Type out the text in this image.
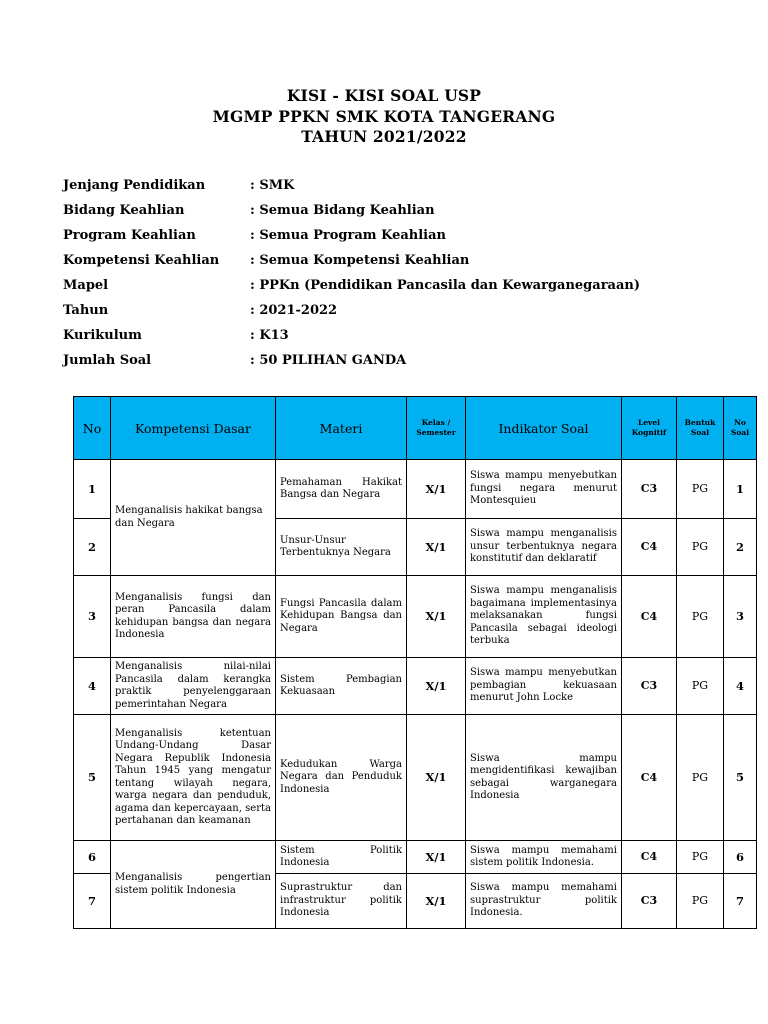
KISI - KISI SOAL USP
MGMP PPKN SMK KOTA TANGERANG
TAHUN 2021/2022
Jenjang Pendidikan	: SMK
Bidang Keahlian	: Semua Bidang Keahlian
Program Keahlian	: Semua Program Keahlian
Kompetensi Keahlian	: Semua Kompetensi Keahlian
Mapel	: PPKn (Pendidikan Pancasila dan Kewarganegaraan)
Tahun	: 2021-2022
Kurikulum	: K13
Jumlah Soal	: 50 PILIHAN GANDA
No	Kompetensi Dasar	Materi	Kelas / Semester	Indikator Soal	Level Kognitif	Bentuk Soal	No Soal
1	Menganalisis hakikat bangsa dan Negara	Pemahaman Hakikat Bangsa dan Negara	X/1	Siswa mampu menyebutkan fungsi negara menurut Montesquieu	C3	PG	1
2		Unsur-Unsur Terbentuknya Negara	X/1	Siswa mampu menganalisis unsur terbentuknya negara konstitutif dan deklaratif	C4	PG	2
3	Menganalisis fungsi dan peran Pancasila dalam kehidupan bangsa dan negara Indonesia	Fungsi Pancasila dalam Kehidupan Bangsa dan Negara	X/1	Siswa mampu menganalisis bagaimana implementasinya melaksanakan fungsi Pancasila sebagai ideologi terbuka	C4	PG	3
4	Menganalisis nilai-nilai Pancasila dalam kerangka praktik penyelenggaraan pemerintahan Negara	Sistem Pembagian Kekuasaan	X/1	Siswa mampu menyebutkan pembagian kekuasaan menurut John Locke	C3	PG	4
5	Menganalisis ketentuan Undang-Undang Dasar Negara Republik Indonesia Tahun 1945 yang mengatur tentang wilayah negara, warga negara dan penduduk, agama dan kepercayaan, serta pertahanan dan keamanan	Kedudukan Warga Negara dan Penduduk Indonesia	X/1	Siswa mampu mengidentifikasi kewajiban sebagai warganegara Indonesia	C4	PG	5
6	Menganalisis pengertian sistem politik Indonesia	Sistem Politik Indonesia	X/1	Siswa mampu memahami sistem politik Indonesia.	C4	PG	6
7		Suprastruktur dan infrastruktur politik Indonesia	X/1	Siswa mampu memahami suprastruktur politik Indonesia.	C3	PG	7
